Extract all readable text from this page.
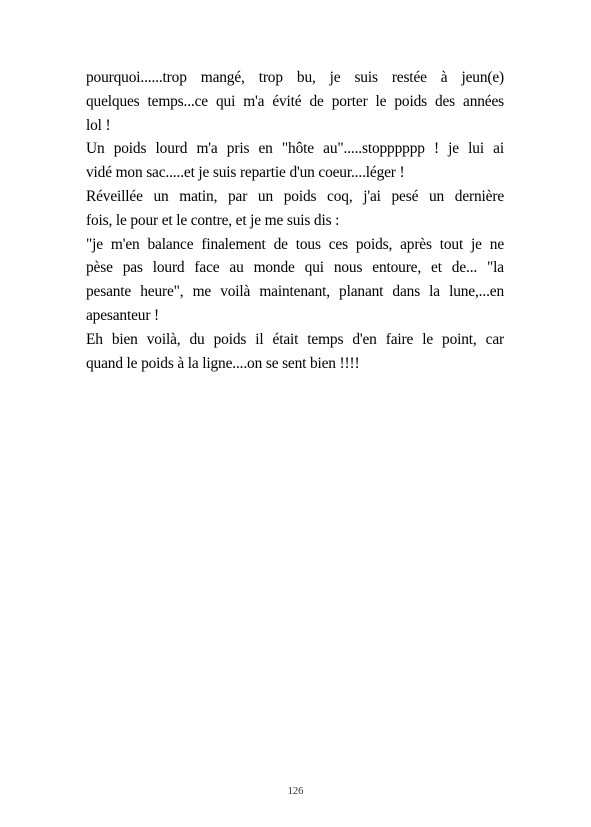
pourquoi......trop mangé, trop bu, je suis restée à jeun(e)
quelques temps...ce qui m'a évité de porter le poids des années
lol !
Un poids lourd m'a pris en "hôte au".....stopppppp ! je lui ai
vidé mon sac.....et je suis repartie d'un coeur....léger !
Réveillée un matin, par un poids coq, j'ai pesé un dernière
fois, le pour et le contre, et je me suis dis :
"je m'en balance finalement de tous ces poids, après tout je ne
pèse pas lourd face au monde qui nous entoure, et de... "la
pesante heure", me voilà maintenant, planant dans la lune,...en
apesanteur !
Eh bien voilà, du poids il était temps d'en faire le point, car
quand le poids à la ligne....on se sent bien !!!!
126
